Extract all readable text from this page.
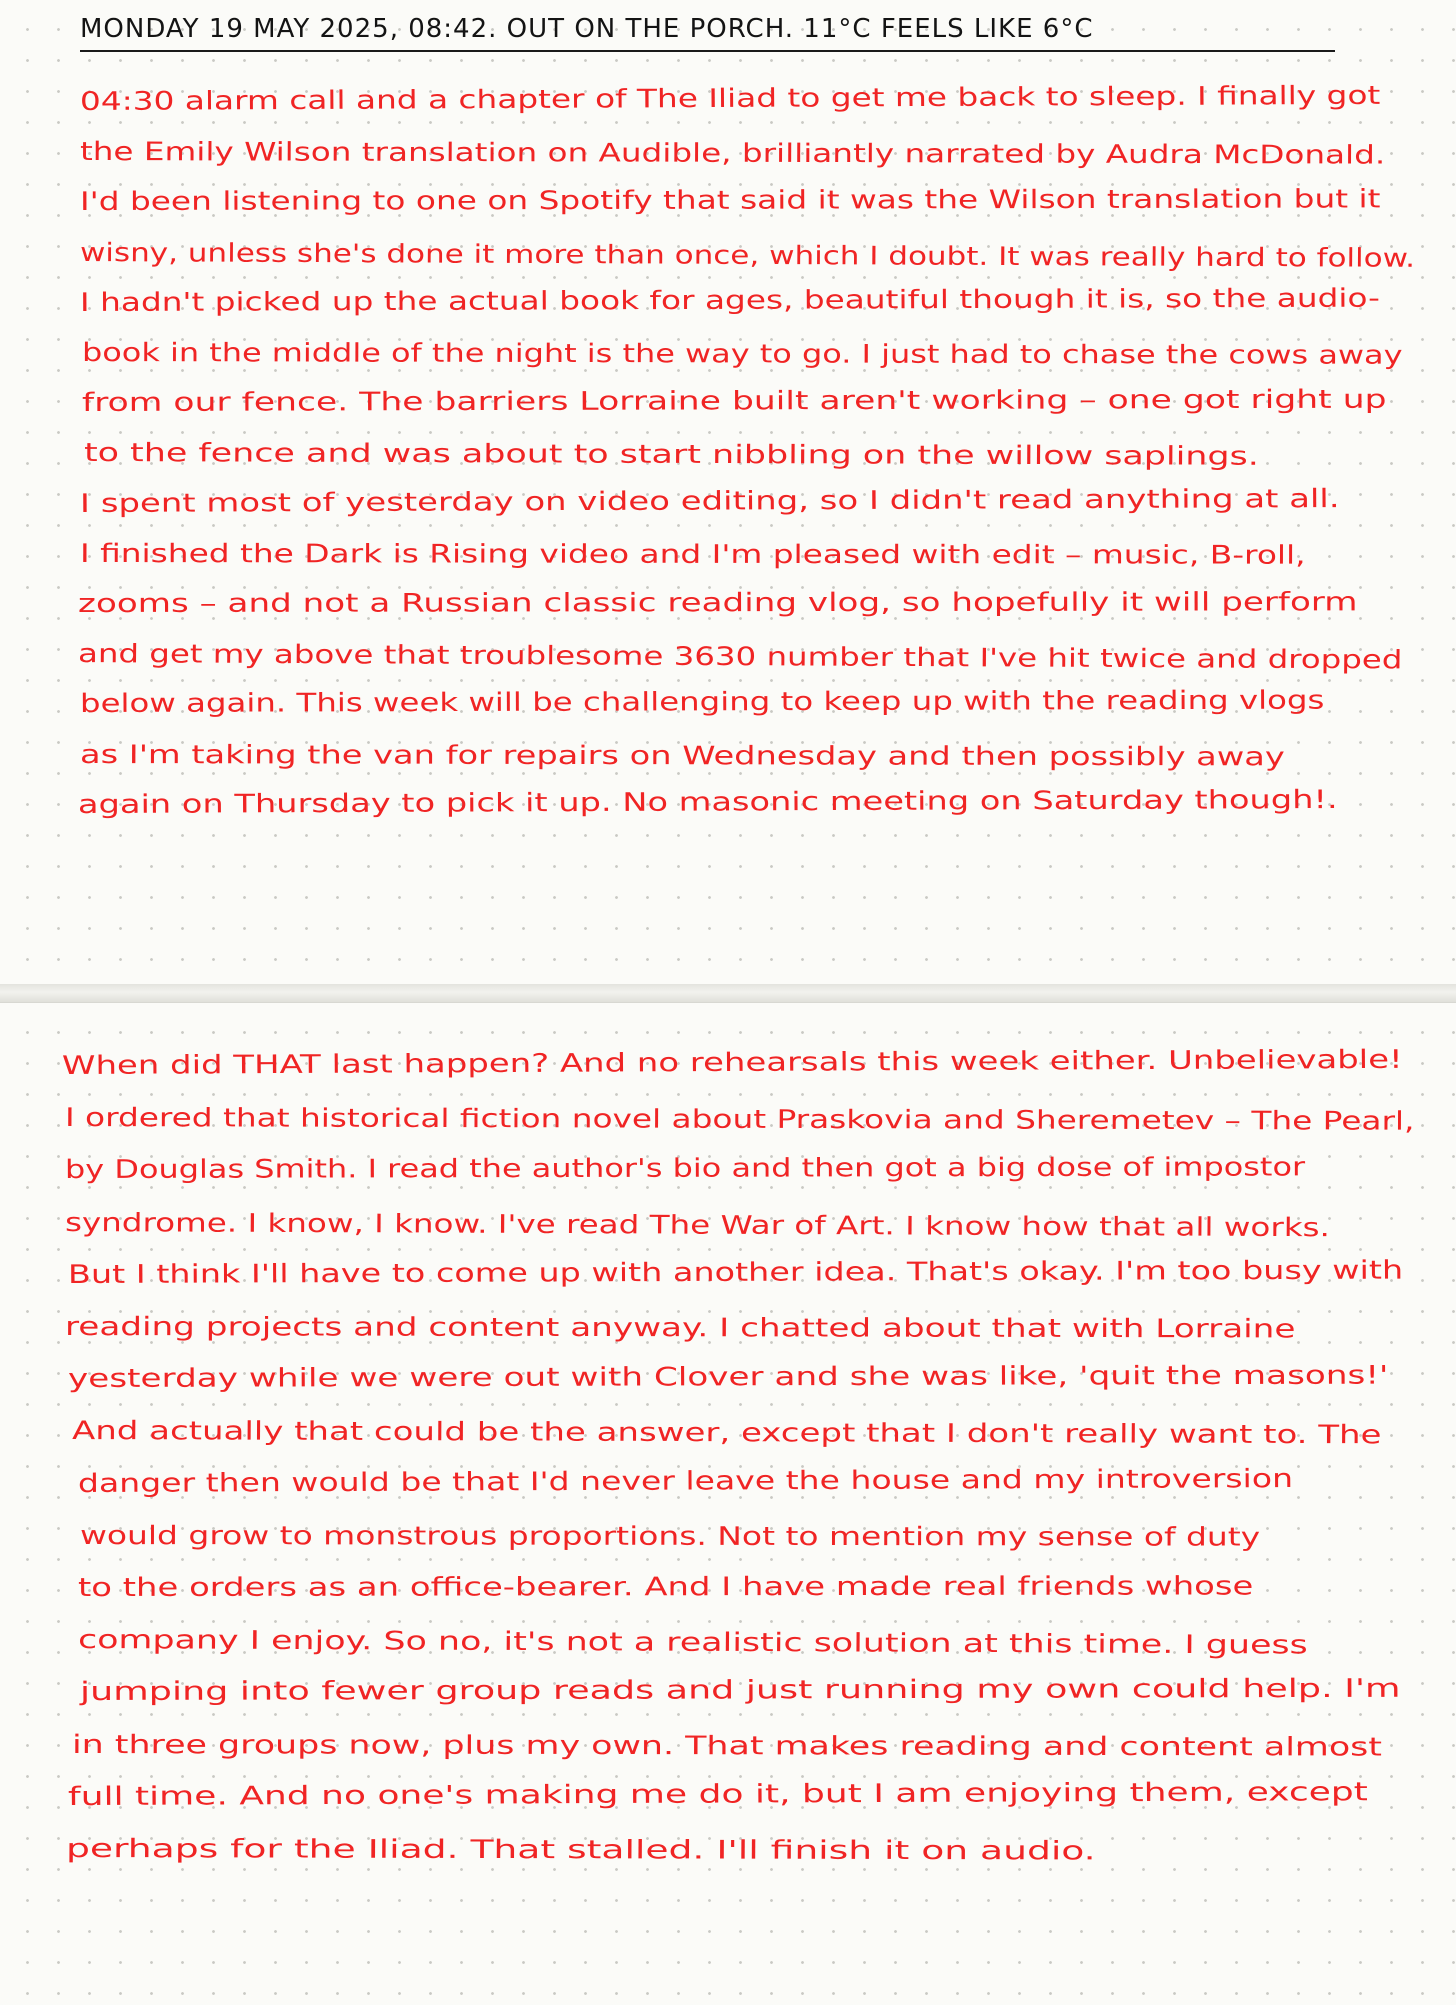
MONDAY 19 MAY 2025, 08:42. OUT ON THE PORCH. 11°C FEELS LIKE 6°C
04:30 alarm call and a chapter of The Iliad to get me back to sleep. I finally got
the Emily Wilson translation on Audible, brilliantly narrated by Audra McDonald.
I'd been listening to one on Spotify that said it was the Wilson translation but it
wisny, unless she's done it more than once, which I doubt. It was really hard to follow.
I hadn't picked up the actual book for ages, beautiful though it is, so the audio-
book in the middle of the night is the way to go. I just had to chase the cows away
from our fence. The barriers Lorraine built aren't working – one got right up
to the fence and was about to start nibbling on the willow saplings.
I spent most of yesterday on video editing, so I didn't read anything at all.
I finished the Dark is Rising video and I'm pleased with edit – music, B-roll,
zooms – and not a Russian classic reading vlog, so hopefully it will perform
and get my above that troublesome 3630 number that I've hit twice and dropped
below again. This week will be challenging to keep up with the reading vlogs
as I'm taking the van for repairs on Wednesday and then possibly away
again on Thursday to pick it up. No masonic meeting on Saturday though!.
When did THAT last happen? And no rehearsals this week either. Unbelievable!
I ordered that historical fiction novel about Praskovia and Sheremetev – The Pearl,
by Douglas Smith. I read the author's bio and then got a big dose of impostor
syndrome. I know, I know. I've read The War of Art. I know how that all works.
But I think I'll have to come up with another idea. That's okay. I'm too busy with
reading projects and content anyway. I chatted about that with Lorraine
yesterday while we were out with Clover and she was like, 'quit the masons!'
And actually that could be the answer, except that I don't really want to. The
danger then would be that I'd never leave the house and my introversion
would grow to monstrous proportions. Not to mention my sense of duty
to the orders as an office-bearer. And I have made real friends whose
company I enjoy. So no, it's not a realistic solution at this time. I guess
jumping into fewer group reads and just running my own could help. I'm
in three groups now, plus my own. That makes reading and content almost
full time. And no one's making me do it, but I am enjoying them, except
perhaps for the Iliad. That stalled. I'll finish it on audio.
